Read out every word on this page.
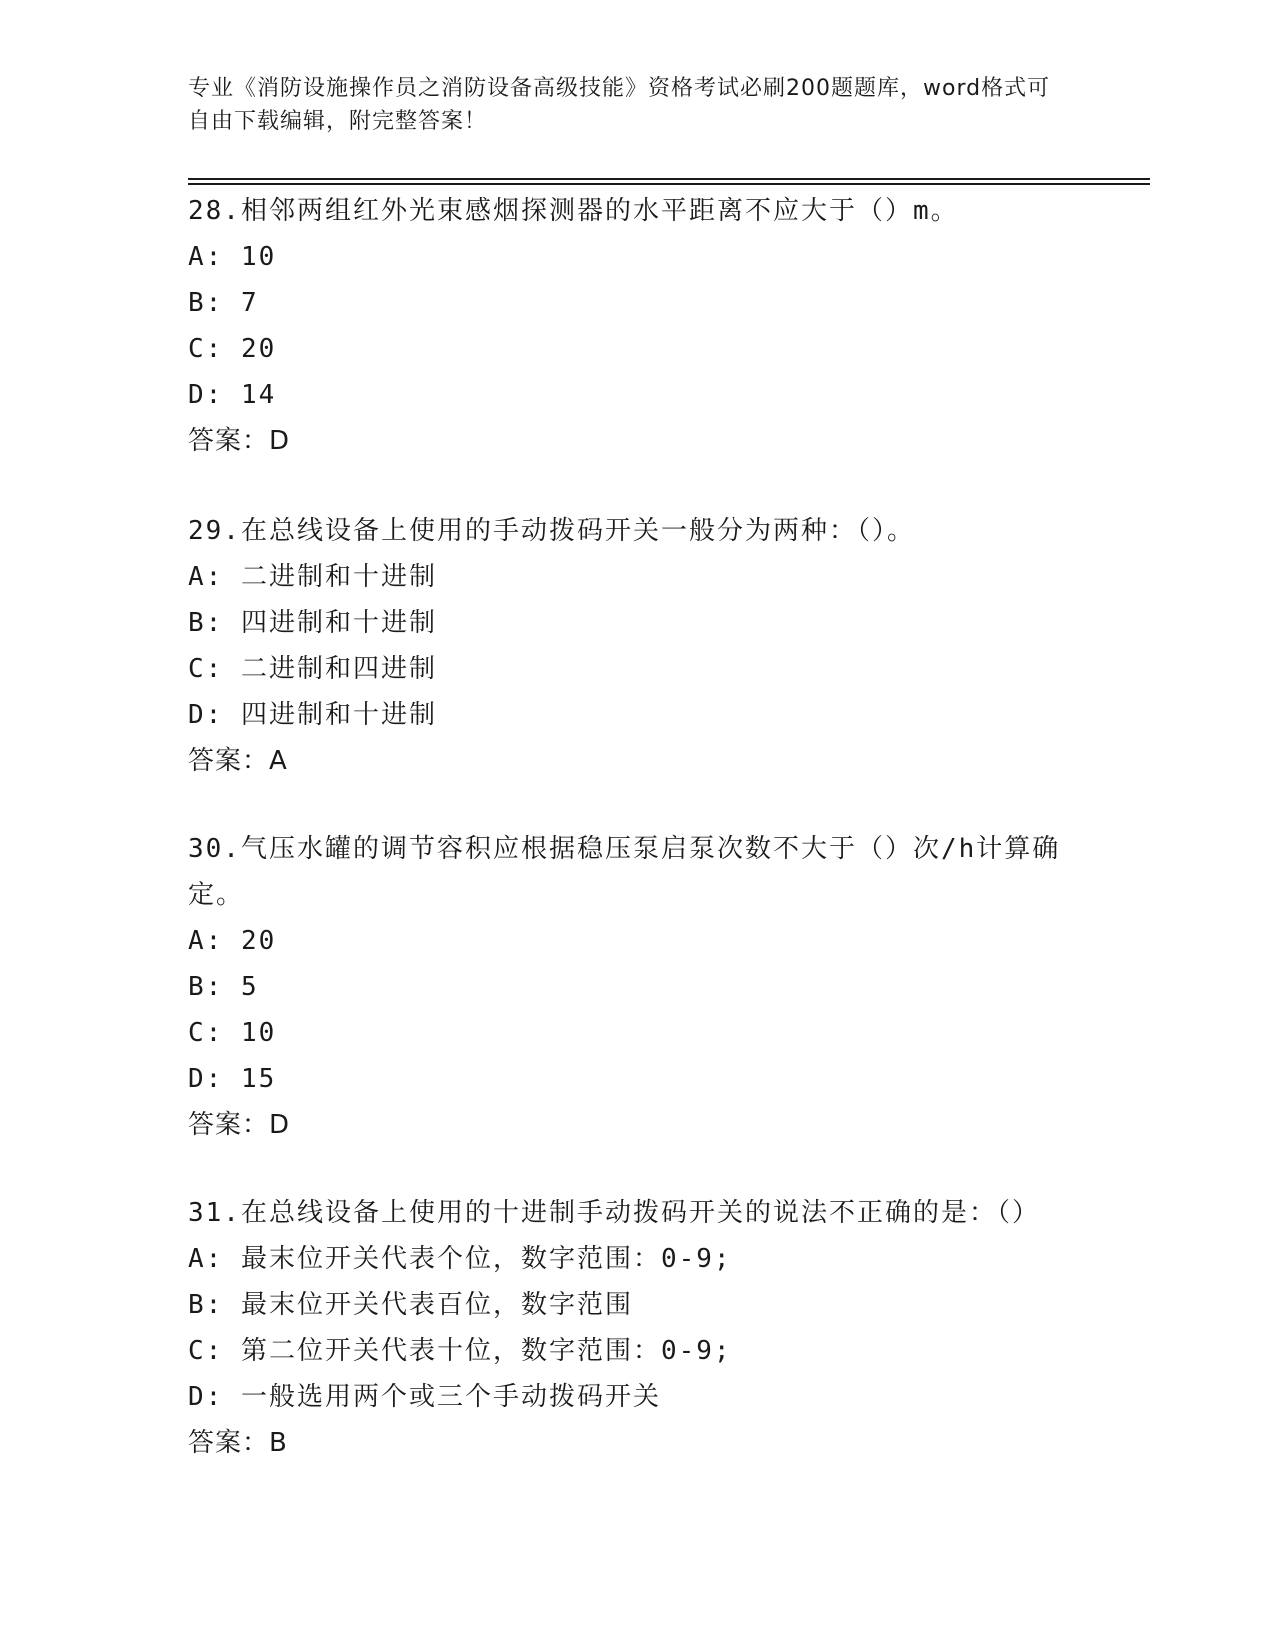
专业《消防设施操作员之消防设备高级技能》资格考试必刷200题题库，word格式可自由下载编辑，附完整答案！

28.相邻两组红外光束感烟探测器的水平距离不应大于（）m。

A: 10

B: 7

C: 20

D: 14

答案：D

29.在总线设备上使用的手动拨码开关一般分为两种：（）。

A: 二进制和十进制

B: 四进制和十进制

C: 二进制和四进制

D: 四进制和十进制

答案：A

30.气压水罐的调节容积应根据稳压泵启泵次数不大于（）次/h计算确定。

A: 20

B: 5

C: 10

D: 15

答案：D

31.在总线设备上使用的十进制手动拨码开关的说法不正确的是：（）

A: 最末位开关代表个位，数字范围：0-9;

B: 最末位开关代表百位，数字范围

C: 第二位开关代表十位，数字范围：0-9;

D: 一般选用两个或三个手动拨码开关

答案：B
